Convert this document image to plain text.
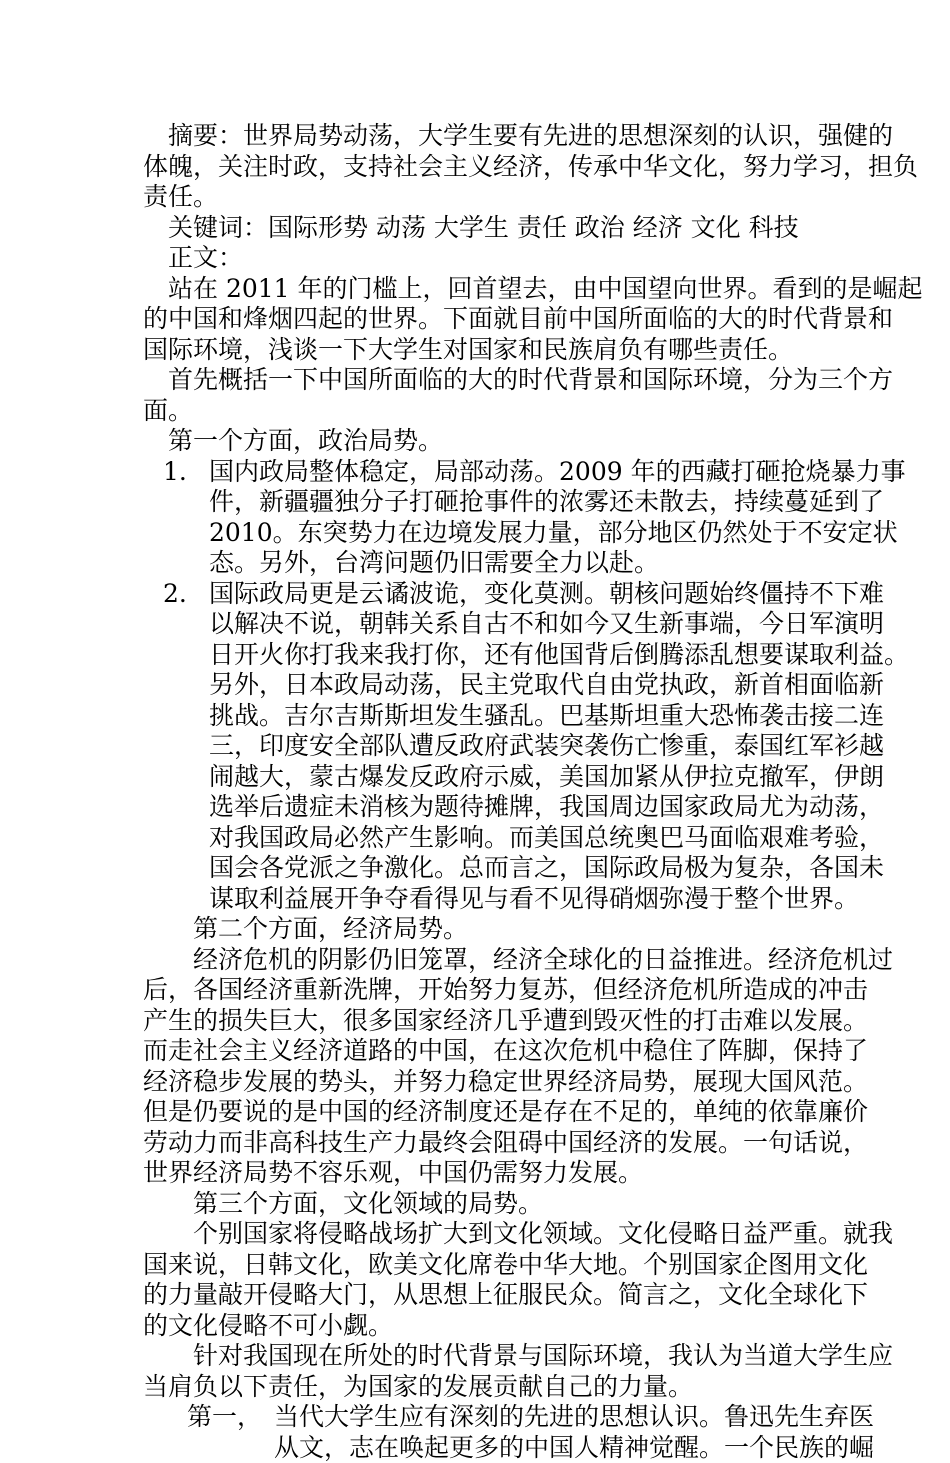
　摘要：世界局势动荡，大学生要有先进的思想深刻的认识，强健的
体魄，关注时政，支持社会主义经济，传承中华文化，努力学习，担负
责任。
　关键词：国际形势 动荡 大学生 责任 政治 经济 文化 科技
　正文：
　站在 2011 年的门槛上，回首望去，由中国望向世界。看到的是崛起
的中国和烽烟四起的世界。下面就目前中国所面临的大的时代背景和
国际环境，浅谈一下大学生对国家和民族肩负有哪些责任。
　首先概括一下中国所面临的大的时代背景和国际环境，分为三个方
面。
　第一个方面，政治局势。
1. 国内政局整体稳定，局部动荡。2009 年的西藏打砸抢烧暴力事
件，新疆疆独分子打砸抢事件的浓雾还未散去，持续蔓延到了
2010。东突势力在边境发展力量，部分地区仍然处于不安定状
态。另外，台湾问题仍旧需要全力以赴。
2. 国际政局更是云谲波诡，变化莫测。朝核问题始终僵持不下难
以解决不说，朝韩关系自古不和如今又生新事端，今日军演明
日开火你打我来我打你，还有他国背后倒腾添乱想要谋取利益。
另外，日本政局动荡，民主党取代自由党执政，新首相面临新
挑战。吉尔吉斯斯坦发生骚乱。巴基斯坦重大恐怖袭击接二连
三，印度安全部队遭反政府武装突袭伤亡惨重，泰国红军衫越
闹越大，蒙古爆发反政府示威，美国加紧从伊拉克撤军，伊朗
选举后遗症未消核为题待摊牌，我国周边国家政局尤为动荡，
对我国政局必然产生影响。而美国总统奥巴马面临艰难考验，
国会各党派之争激化。总而言之，国际政局极为复杂，各国未
谋取利益展开争夺看得见与看不见得硝烟弥漫于整个世界。
　　第二个方面，经济局势。
　　经济危机的阴影仍旧笼罩，经济全球化的日益推进。经济危机过
后，各国经济重新洗牌，开始努力复苏，但经济危机所造成的冲击
产生的损失巨大，很多国家经济几乎遭到毁灭性的打击难以发展。
而走社会主义经济道路的中国，在这次危机中稳住了阵脚，保持了
经济稳步发展的势头，并努力稳定世界经济局势，展现大国风范。
但是仍要说的是中国的经济制度还是存在不足的，单纯的依靠廉价
劳动力而非高科技生产力最终会阻碍中国经济的发展。一句话说，
世界经济局势不容乐观，中国仍需努力发展。
　　第三个方面，文化领域的局势。
　　个别国家将侵略战场扩大到文化领域。文化侵略日益严重。就我
国来说，日韩文化，欧美文化席卷中华大地。个别国家企图用文化
的力量敲开侵略大门，从思想上征服民众。简言之，文化全球化下
的文化侵略不可小觑。
　　针对我国现在所处的时代背景与国际环境，我认为当道大学生应
当肩负以下责任，为国家的发展贡献自己的力量。
第一， 当代大学生应有深刻的先进的思想认识。鲁迅先生弃医
从文，志在唤起更多的中国人精神觉醒。一个民族的崛
